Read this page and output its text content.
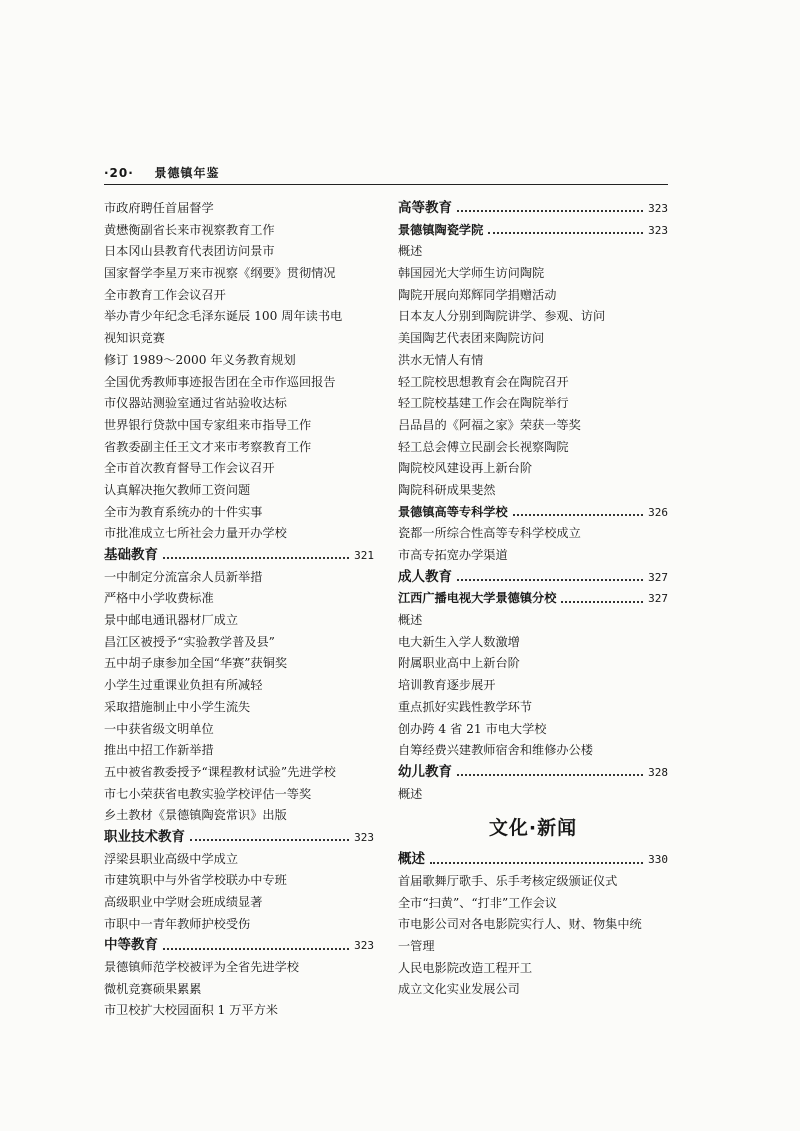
·20· 景德镇年鉴
市政府聘任首届督学
黄懋衡副省长来市视察教育工作
日本冈山县教育代表团访问景市
国家督学李星万来市视察《纲要》贯彻情况
全市教育工作会议召开
举办青少年纪念毛泽东诞辰 100 周年读书电
视知识竞赛
修订 1989～2000 年义务教育规划
全国优秀教师事迹报告团在全市作巡回报告
市仪器站测验室通过省站验收达标
世界银行贷款中国专家组来市指导工作
省教委副主任王文才来市考察教育工作
全市首次教育督导工作会议召开
认真解决拖欠教师工资问题
全市为教育系统办的十件实事
市批准成立七所社会力量开办学校
基础教育	321
一中制定分流富余人员新举措
严格中小学收费标准
景中邮电通讯器材厂成立
昌江区被授予“实验教学普及县”
五中胡子康参加全国“华赛”获铜奖
小学生过重课业负担有所减轻
采取措施制止中小学生流失
一中获省级文明单位
推出中招工作新举措
五中被省教委授予“课程教材试验”先进学校
市七小荣获省电教实验学校评估一等奖
乡土教材《景德镇陶瓷常识》出版
职业技术教育	323
浮梁县职业高级中学成立
市建筑职中与外省学校联办中专班
高级职业中学财会班成绩显著
市职中一青年教师护校受伤
中等教育	323
景德镇师范学校被评为全省先进学校
微机竞赛硕果累累
市卫校扩大校园面积 1 万平方米
高等教育	323
景德镇陶瓷学院	323
概述
韩国园光大学师生访问陶院
陶院开展向郑辉同学捐赠活动
日本友人分别到陶院讲学、参观、访问
美国陶艺代表团来陶院访问
洪水无情人有情
轻工院校思想教育会在陶院召开
轻工院校基建工作会在陶院举行
吕品昌的《阿福之家》荣获一等奖
轻工总会傅立民副会长视察陶院
陶院校风建设再上新台阶
陶院科研成果斐然
景德镇高等专科学校	326
瓷都一所综合性高等专科学校成立
市高专拓宽办学渠道
成人教育	327
江西广播电视大学景德镇分校	327
概述
电大新生入学人数激增
附属职业高中上新台阶
培训教育逐步展开
重点抓好实践性教学环节
创办跨 4 省 21 市电大学校
自筹经费兴建教师宿舍和维修办公楼
幼儿教育	328
概述
文化·新闻
概述	330
首届歌舞厅歌手、乐手考核定级颁证仪式
全市“扫黄”、“打非”工作会议
市电影公司对各电影院实行人、财、物集中统
一管理
人民电影院改造工程开工
成立文化实业发展公司
